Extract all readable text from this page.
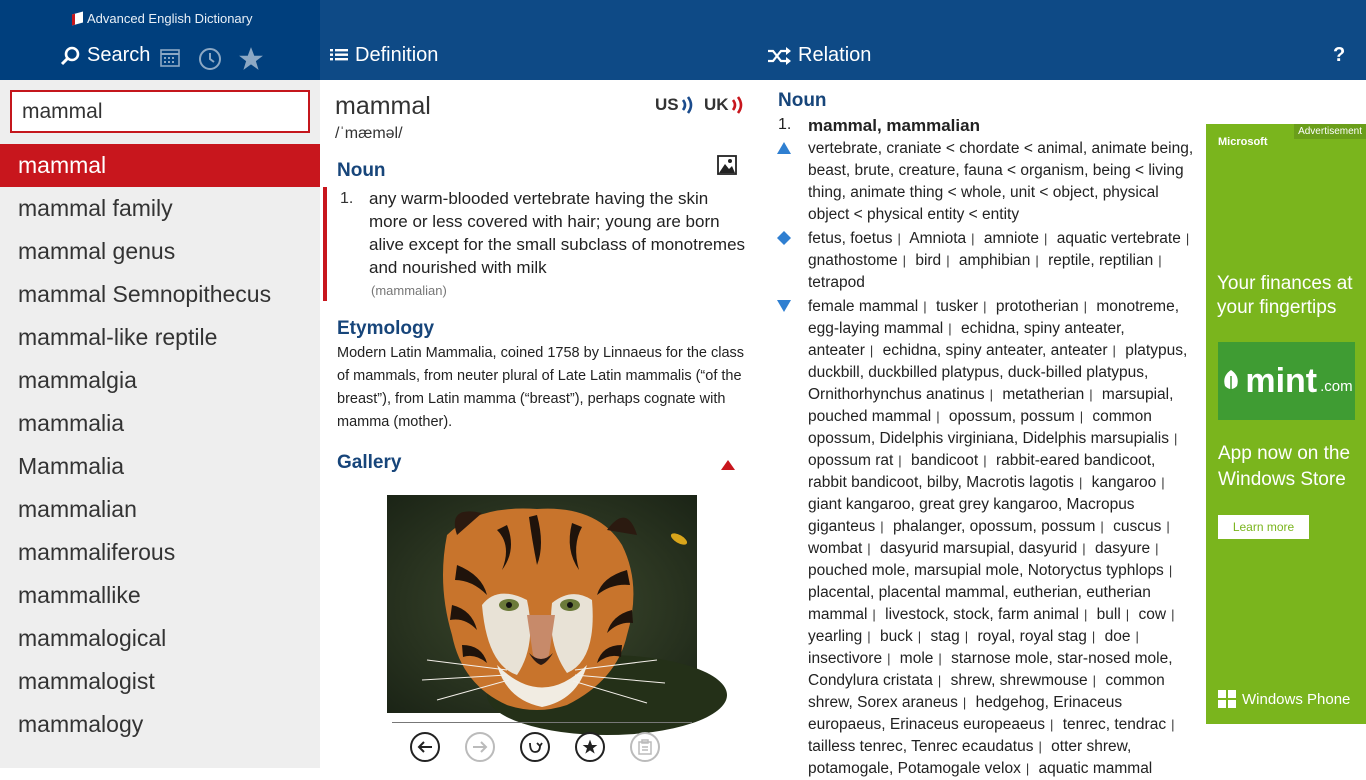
Advanced English Dictionary
Search	Definition	Relation	?
mammal
mammal
mammal family
mammal genus
mammal Semnopithecus
mammal-like reptile
mammalgia
mammalia
Mammalia
mammalian
mammaliferous
mammallike
mammalogical
mammalogist
mammalogy
mammal
/ˈmæməl/
US UK
Noun
1. any warm-blooded vertebrate having the skin more or less covered with hair; young are born alive except for the small subclass of monotremes and nourished with milk
(mammalian)
Etymology
Modern Latin Mammalia, coined 1758 by Linnaeus for the class of mammals, from neuter plural of Late Latin mammalis (“of the breast”), from Latin mamma (“breast”), perhaps cognate with mamma (mother).
Gallery
Noun
1. mammal, mammalian
vertebrate, craniate < chordate < animal, animate being, beast, brute, creature, fauna < organism, being < living thing, animate thing < whole, unit < object, physical object < physical entity < entity
fetus, foetus | Amniota | amniote | aquatic vertebrate | gnathostome | bird | amphibian | reptile, reptilian | tetrapod
female mammal | tusker | prototherian | monotreme, egg-laying mammal | echidna, spiny anteater, anteater | echidna, spiny anteater, anteater | platypus, duckbill, duckbilled platypus, duck-billed platypus, Ornithorhynchus anatinus | metatherian | marsupial, pouched mammal | opossum, possum | common opossum, Didelphis virginiana, Didelphis marsupialis | opossum rat | bandicoot | rabbit-eared bandicoot, rabbit bandicoot, bilby, Macrotis lagotis | kangaroo | giant kangaroo, great grey kangaroo, Macropus giganteus | phalanger, opossum, possum | cuscus | wombat | dasyurid marsupial, dasyurid | dasyure | pouched mole, marsupial mole, Notoryctus typhlops | placental, placental mammal, eutherian, eutherian mammal | livestock, stock, farm animal | bull | cow | yearling | buck | stag | royal, royal stag | doe | insectivore | mole | starnose mole, star-nosed mole, Condylura cristata | shrew, shrewmouse | common shrew, Sorex araneus | hedgehog, Erinaceus europaeus, Erinaceus europeaeus | tenrec, tendrac | tailless tenrec, Tenrec ecaudatus | otter shrew, potamogale, Potamogale velox | aquatic mammal
Advertisement
Microsoft
Your finances at your fingertips
mint .com
App now on the Windows Store
Learn more
Windows Phone
